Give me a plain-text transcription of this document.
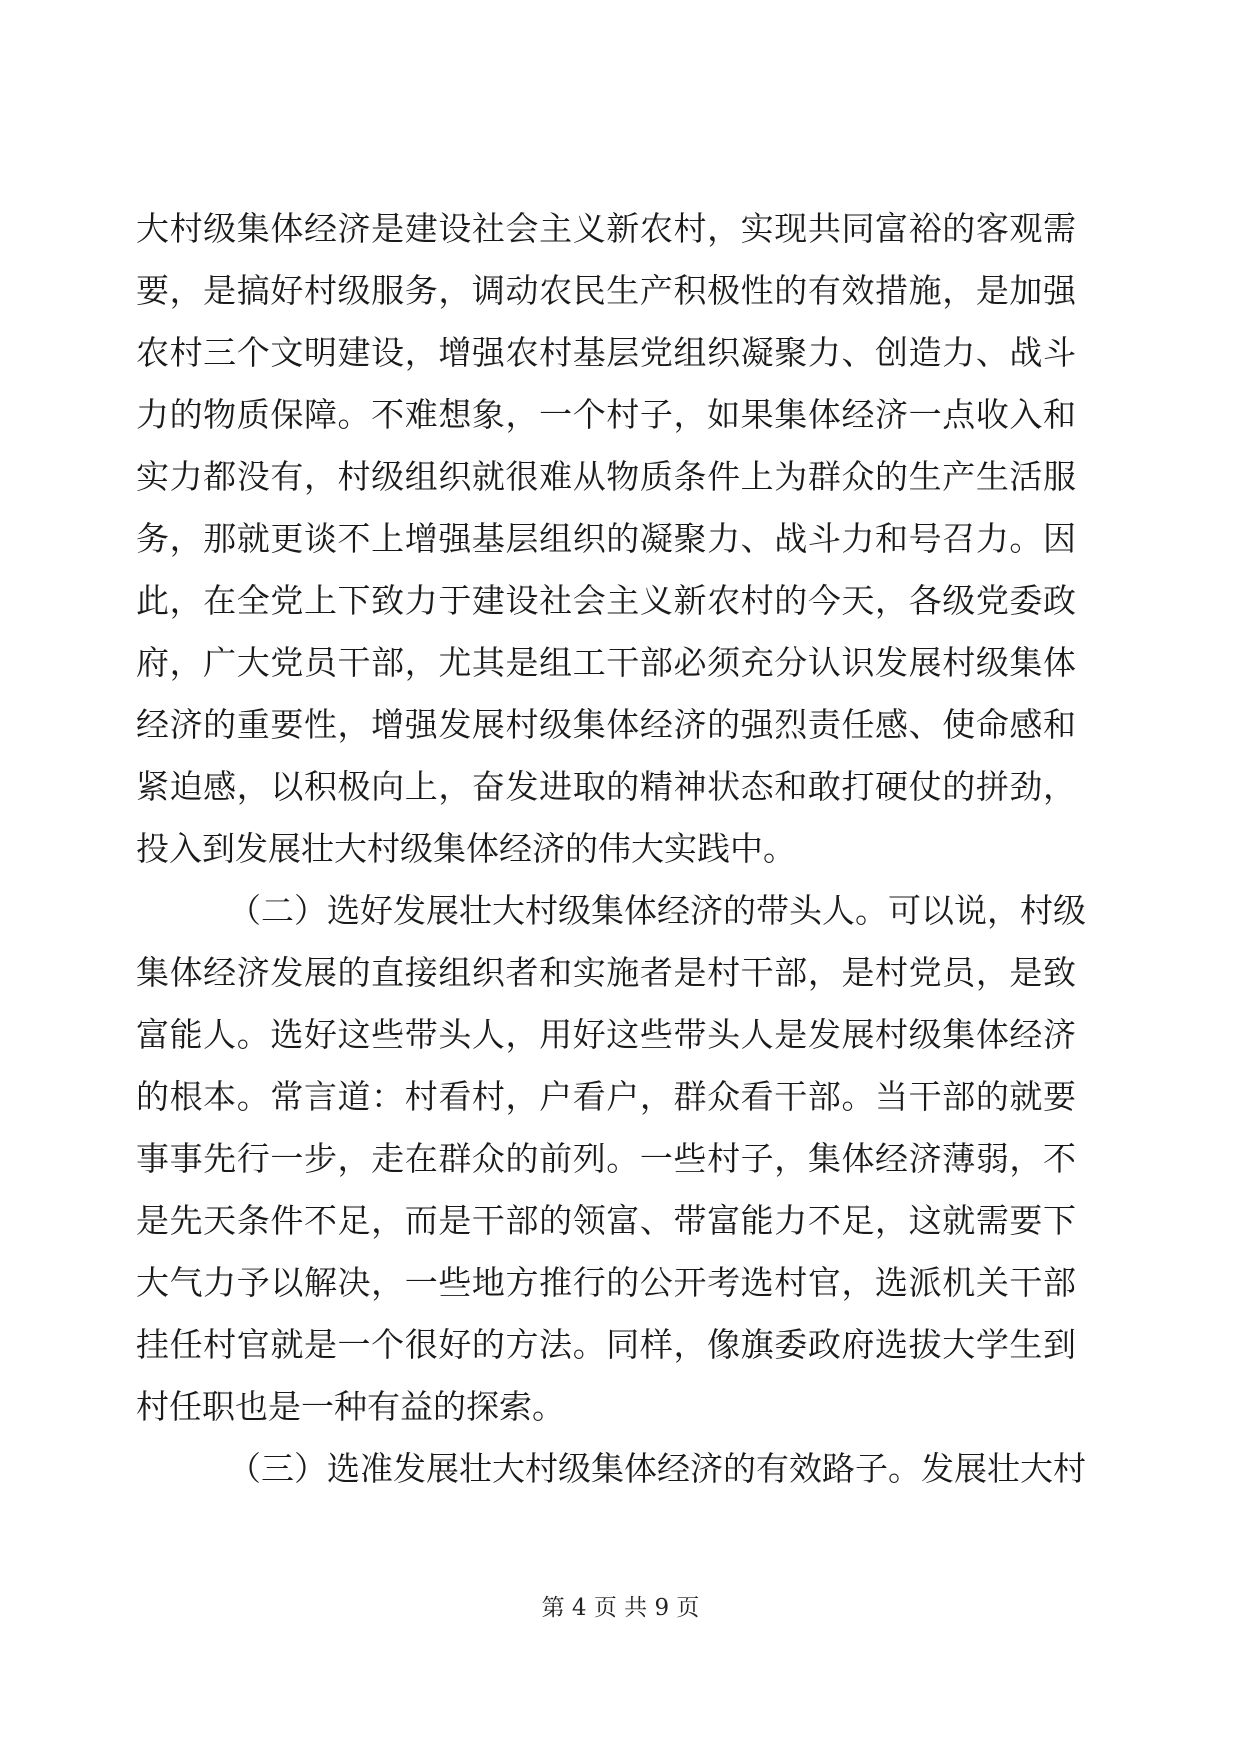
大村级集体经济是建设社会主义新农村，实现共同富裕的客观需
要，是搞好村级服务，调动农民生产积极性的有效措施，是加强
农村三个文明建设，增强农村基层党组织凝聚力、创造力、战斗
力的物质保障。不难想象，一个村子，如果集体经济一点收入和
实力都没有，村级组织就很难从物质条件上为群众的生产生活服
务，那就更谈不上增强基层组织的凝聚力、战斗力和号召力。因
此，在全党上下致力于建设社会主义新农村的今天，各级党委政
府，广大党员干部，尤其是组工干部必须充分认识发展村级集体
经济的重要性，增强发展村级集体经济的强烈责任感、使命感和
紧迫感，以积极向上，奋发进取的精神状态和敢打硬仗的拼劲，
投入到发展壮大村级集体经济的伟大实践中。
（二）选好发展壮大村级集体经济的带头人。可以说，村级
集体经济发展的直接组织者和实施者是村干部，是村党员，是致
富能人。选好这些带头人，用好这些带头人是发展村级集体经济
的根本。常言道：村看村，户看户，群众看干部。当干部的就要
事事先行一步，走在群众的前列。一些村子，集体经济薄弱，不
是先天条件不足，而是干部的领富、带富能力不足，这就需要下
大气力予以解决，一些地方推行的公开考选村官，选派机关干部
挂任村官就是一个很好的方法。同样，像旗委政府选拔大学生到
村任职也是一种有益的探索。
（三）选准发展壮大村级集体经济的有效路子。发展壮大村
第 4 页 共 9 页
